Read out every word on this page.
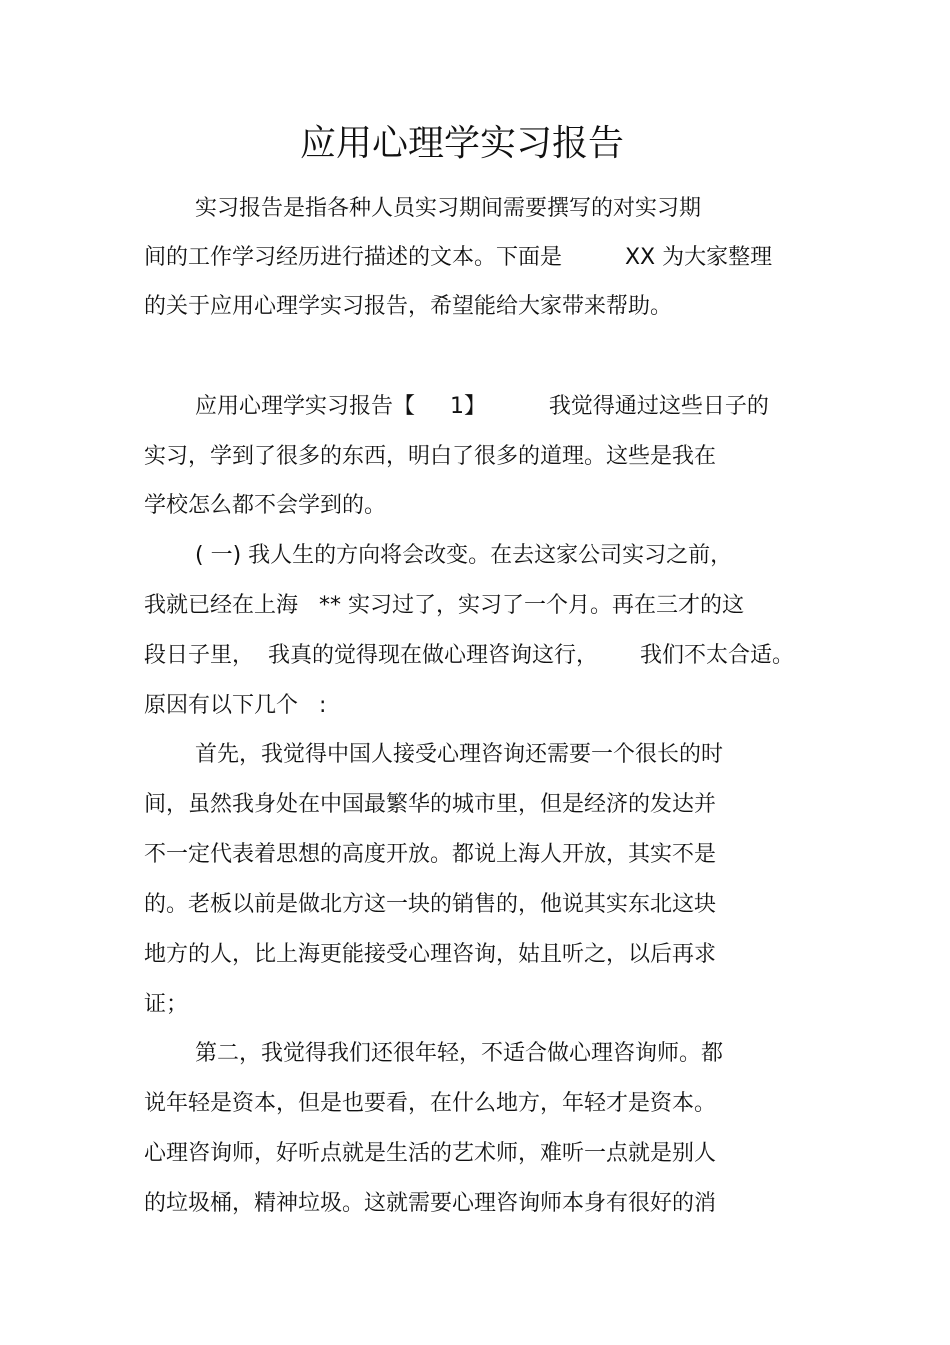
应用心理学实习报告

实习报告是指各种人员实习期间需要撰写的对实习期

间的工作学习经历进行描述的文本。下面是         XX 为大家整理

的关于应用心理学实习报告，希望能给大家带来帮助。

应用心理学实习报告【     1】         我觉得通过这些日子的

实习，学到了很多的东西，明白了很多的道理。这些是我在

学校怎么都不会学到的。

( 一) 我人生的方向将会改变。在去这家公司实习之前，

我就已经在上海   ** 实习过了，实习了一个月。再在三才的这

段日子里，  我真的觉得现在做心理咨询这行，      我们不太合适。

原因有以下几个   :

首先，我觉得中国人接受心理咨询还需要一个很长的时

间，虽然我身处在中国最繁华的城市里，但是经济的发达并

不一定代表着思想的高度开放。都说上海人开放，其实不是

的。老板以前是做北方这一块的销售的，他说其实东北这块

地方的人，比上海更能接受心理咨询，姑且听之，以后再求

证；

第二，我觉得我们还很年轻，不适合做心理咨询师。都

说年轻是资本，但是也要看，在什么地方，年轻才是资本。

心理咨询师，好听点就是生活的艺术师，难听一点就是别人

的垃圾桶，精神垃圾。这就需要心理咨询师本身有很好的消
